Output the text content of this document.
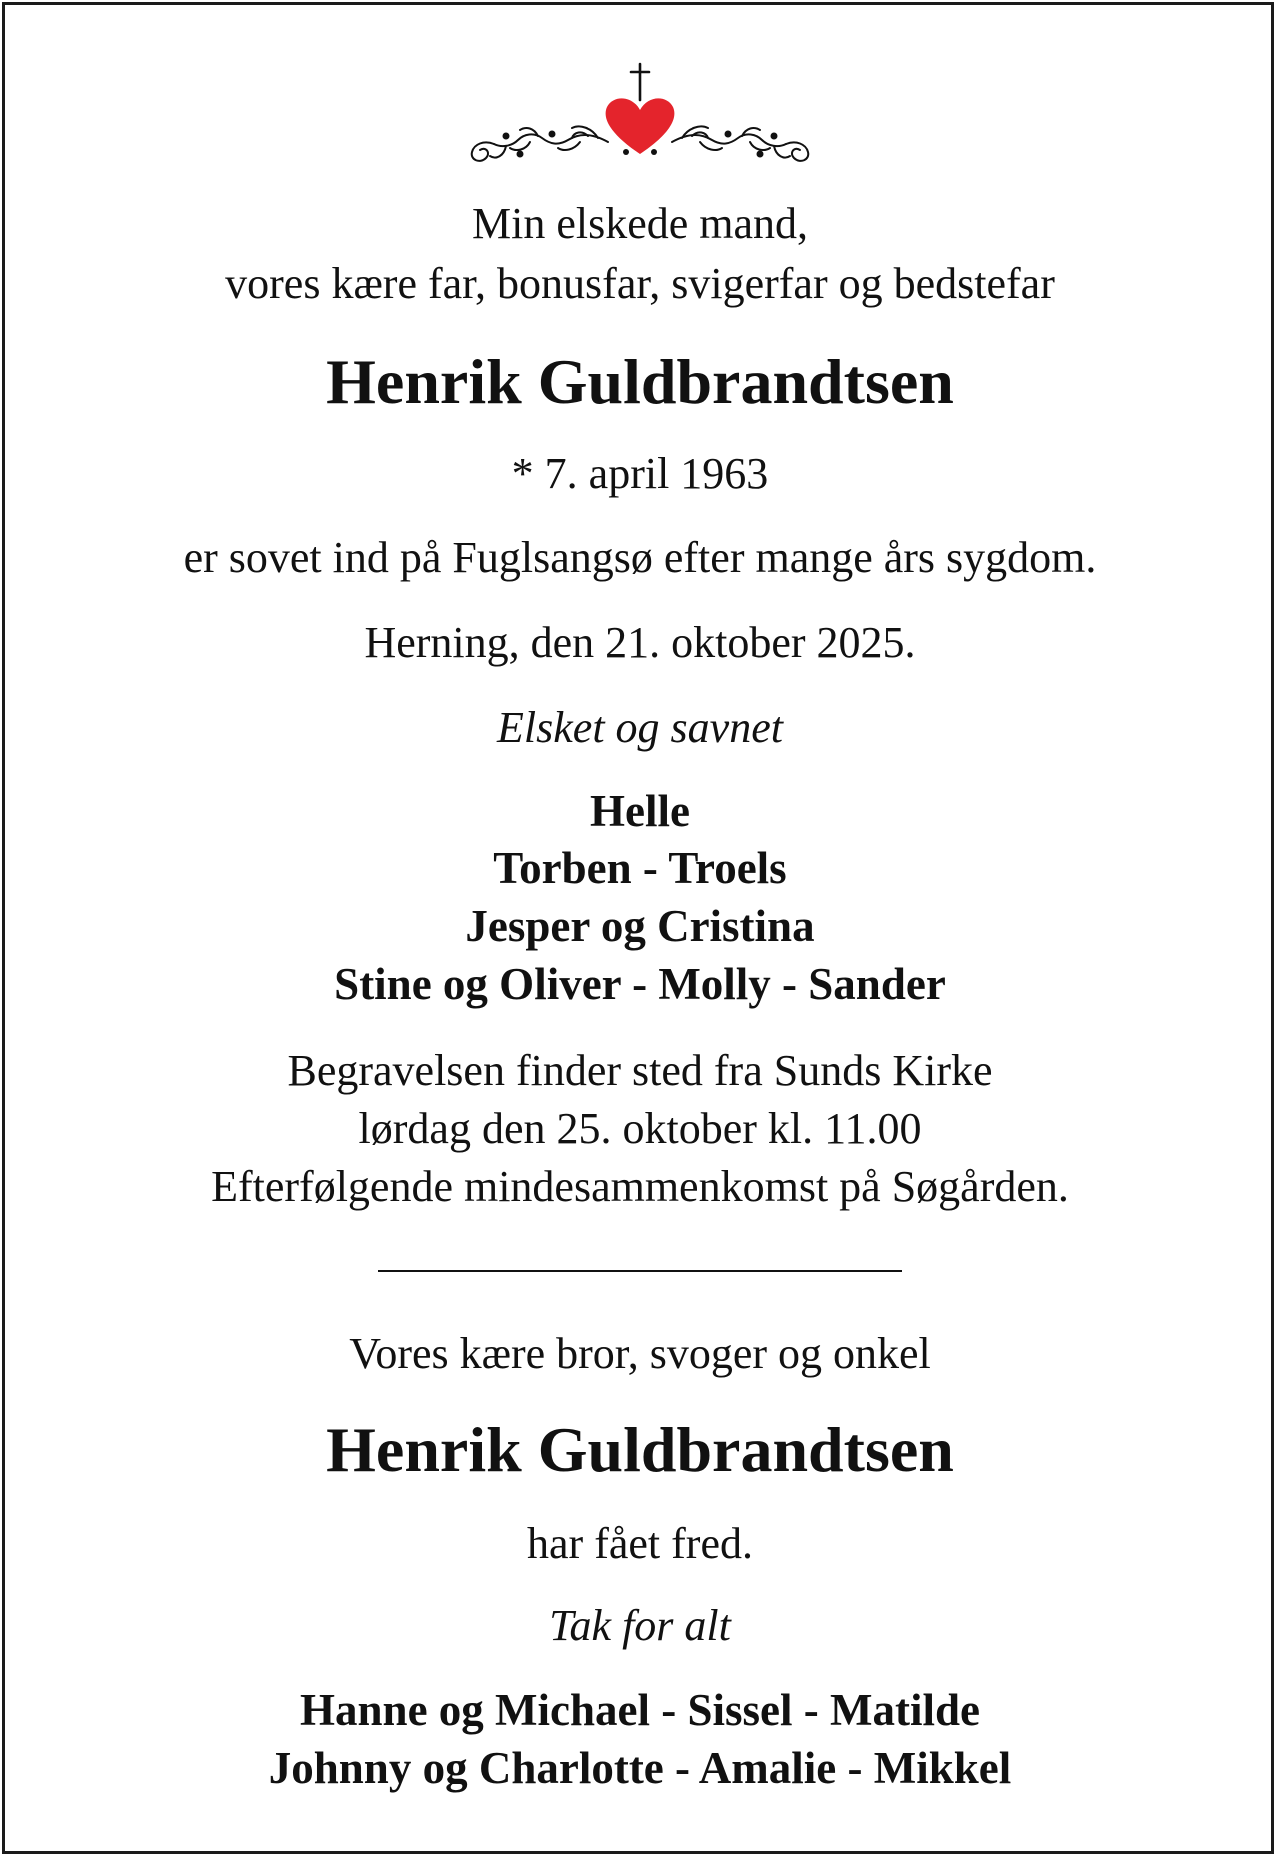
Min elskede mand,
vores kære far, bonusfar, svigerfar og bedstefar
Henrik Guldbrandtsen
* 7. april 1963
er sovet ind på Fuglsangsø efter mange års sygdom.
Herning, den 21. oktober 2025.
Elsket og savnet
Helle
Torben - Troels
Jesper og Cristina
Stine og Oliver - Molly - Sander
Begravelsen finder sted fra Sunds Kirke
lørdag den 25. oktober kl. 11.00
Efterfølgende mindesammenkomst på Søgården.
Vores kære bror, svoger og onkel
Henrik Guldbrandtsen
har fået fred.
Tak for alt
Hanne og Michael - Sissel - Matilde
Johnny og Charlotte - Amalie - Mikkel
